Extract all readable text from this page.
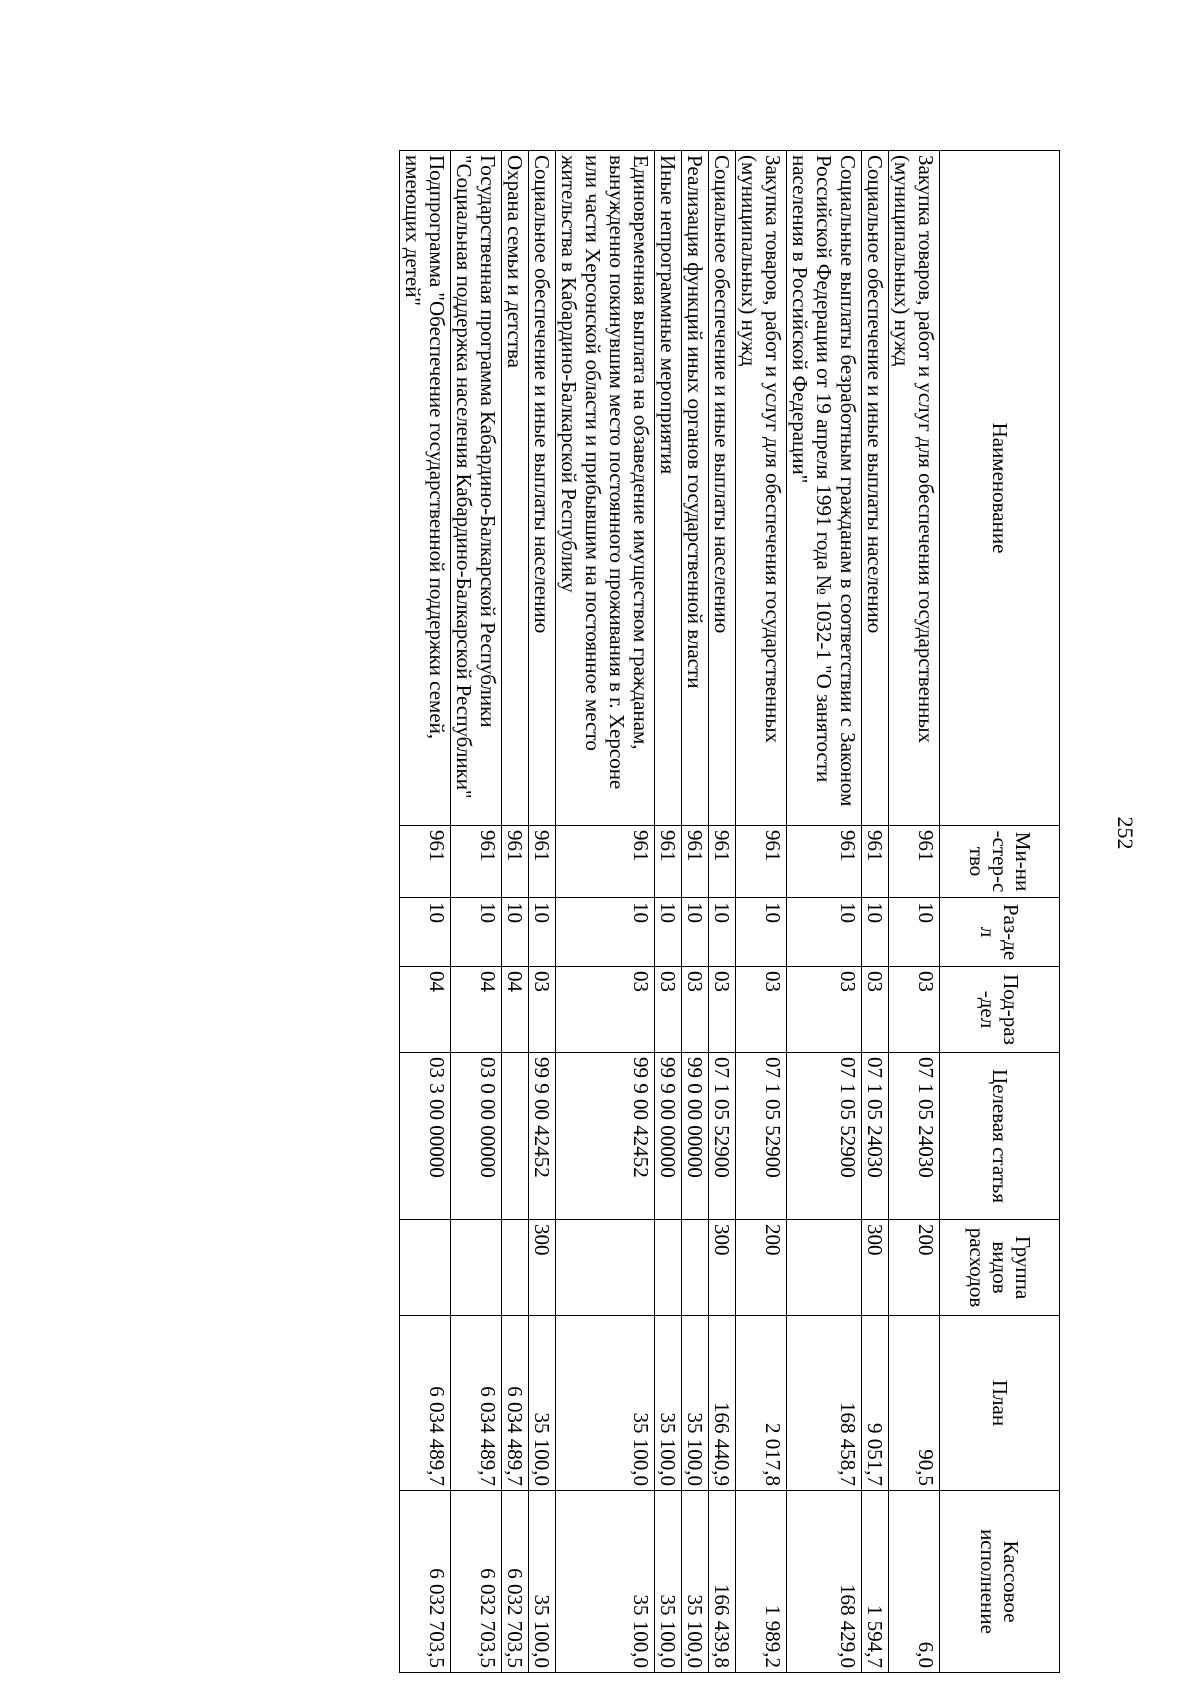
252
Наименование	Ми-ни-стер-ство	Раз-дел	Под-раз-дел	Целевая статья	Группа видов расходов	План	Кассовое исполнение
Закупка товаров, работ и услуг для обеспечения государственных (муниципальных) нужд	961	10	03	07 1 05 24030	200	90,5	6,0
Социальное обеспечение и иные выплаты населению	961	10	03	07 1 05 24030	300	9 051,7	1 594,7
Социальные выплаты безработным гражданам в соответствии с Законом Российской Федерации от 19 апреля 1991 года № 1032-1 "О занятости населения в Российской Федерации"	961	10	03	07 1 05 52900		168 458,7	168 429,0
Закупка товаров, работ и услуг для обеспечения государственных (муниципальных) нужд	961	10	03	07 1 05 52900	200	2 017,8	1 989,2
Социальное обеспечение и иные выплаты населению	961	10	03	07 1 05 52900	300	166 440,9	166 439,8
Реализация функций иных органов государственной власти	961	10	03	99 0 00 00000		35 100,0	35 100,0
Иные непрограммные мероприятия	961	10	03	99 9 00 00000		35 100,0	35 100,0
Единовременная выплата на обзаведение имуществом гражданам, вынужденно покинувшим место постоянного проживания в г. Херсоне или части Херсонской области и прибывшим на постоянное место жительства в Кабардино-Балкарской Республику	961	10	03	99 9 00 42452		35 100,0	35 100,0
Социальное обеспечение и иные выплаты населению	961	10	03	99 9 00 42452	300	35 100,0	35 100,0
Охрана семьи и детства	961	10	04			6 034 489,7	6 032 703,5
Государственная программа Кабардино-Балкарской Республики "Социальная поддержка населения Кабардино-Балкарской Республики"	961	10	04	03 0 00 00000		6 034 489,7	6 032 703,5
Подпрограмма "Обеспечение государственной поддержки семей, имеющих детей"	961	10	04	03 3 00 00000		6 034 489,7	6 032 703,5
